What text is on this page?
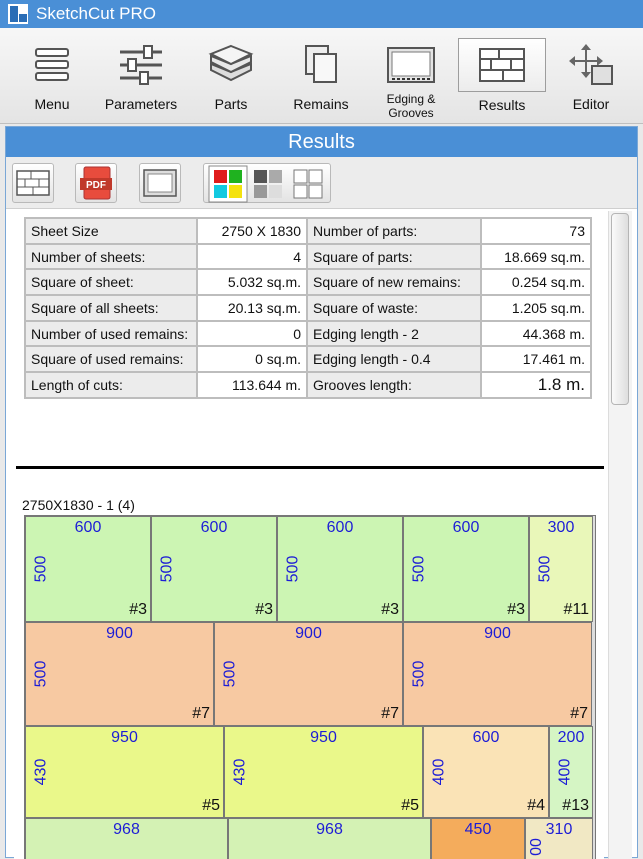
SketchCut PRO
Menu	Parameters	Parts	Remains	Edging &
Grooves	Results	Editor
Results
PDF
Sheet Size	2750 X 1830	Number of parts:	73
Number of sheets:	4	Square of parts:	18.669 sq.m.
Square of sheet:	5.032 sq.m.	Square of new remains:	0.254 sq.m.
Square of all sheets:	20.13 sq.m.	Square of waste:	1.205 sq.m.
Number of used remains:	0	Edging length - 2	44.368 m.
Square of used remains:	0 sq.m.	Edging length - 0.4	17.461 m.
Length of cuts:	113.644 m.	Grooves length:	1.8 m.
2750X1830 - 1 (4)
600
500
#3
600
500
#3
600
500
#3
600
500
#3
300
500
#11
900
500
#7
900
500
#7
900
500
#7
950
430
#5
950
430
#5
600
400
#4
200
400
#13
968	968	450	310
00
